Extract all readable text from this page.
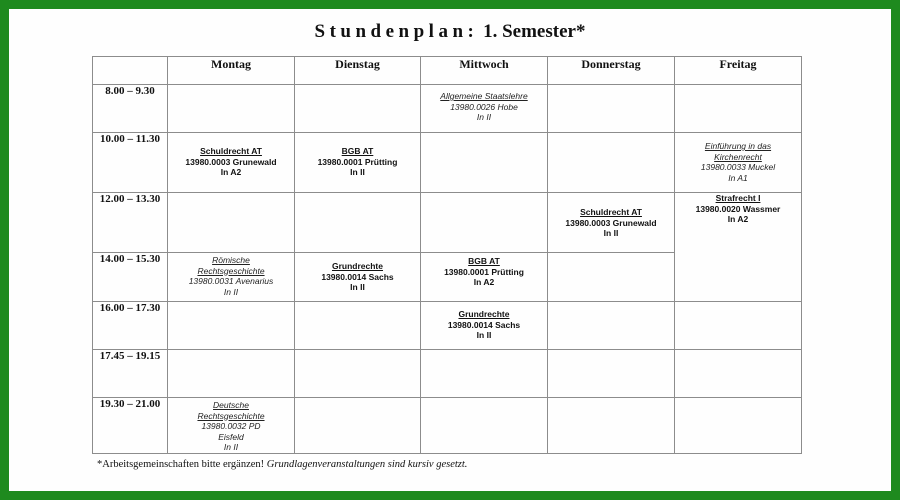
Stundenplan: 1. Semester*
	Montag	Dienstag	Mittwoch	Donnerstag	Freitag
8.00 – 9.30			Allgemeine Staatslehre
13980.0026 Hobe
In II		

10.00 – 11.30	Schuldrecht AT
13980.0003 Grunewald
In A2	BGB AT
13980.0001 Prütting
In II			Einführung in das Kirchenrecht
13980.0033 Muckel
In A1

12.00 – 13.30				Schuldrecht AT
13980.0003 Grunewald
In II	Strafrecht I
13980.0020 Wassmer
In A2

14.00 – 15.30	Römische Rechtsgeschichte
13980.0031 Avenarius
In II	Grundrechte
13980.0014 Sachs
In II	BGB AT
13980.0001 Prütting
In A2		

16.00 – 17.30			Grundrechte
13980.0014 Sachs
In II		

17.45 – 19.15					
19.30 – 21.00	Deutsche Rechtsgeschichte
13980.0032 PD Eisfeld
In II				

*Arbeitsgemeinschaften bitte ergänzen! Grundlagenveranstaltungen sind kursiv gesetzt.
